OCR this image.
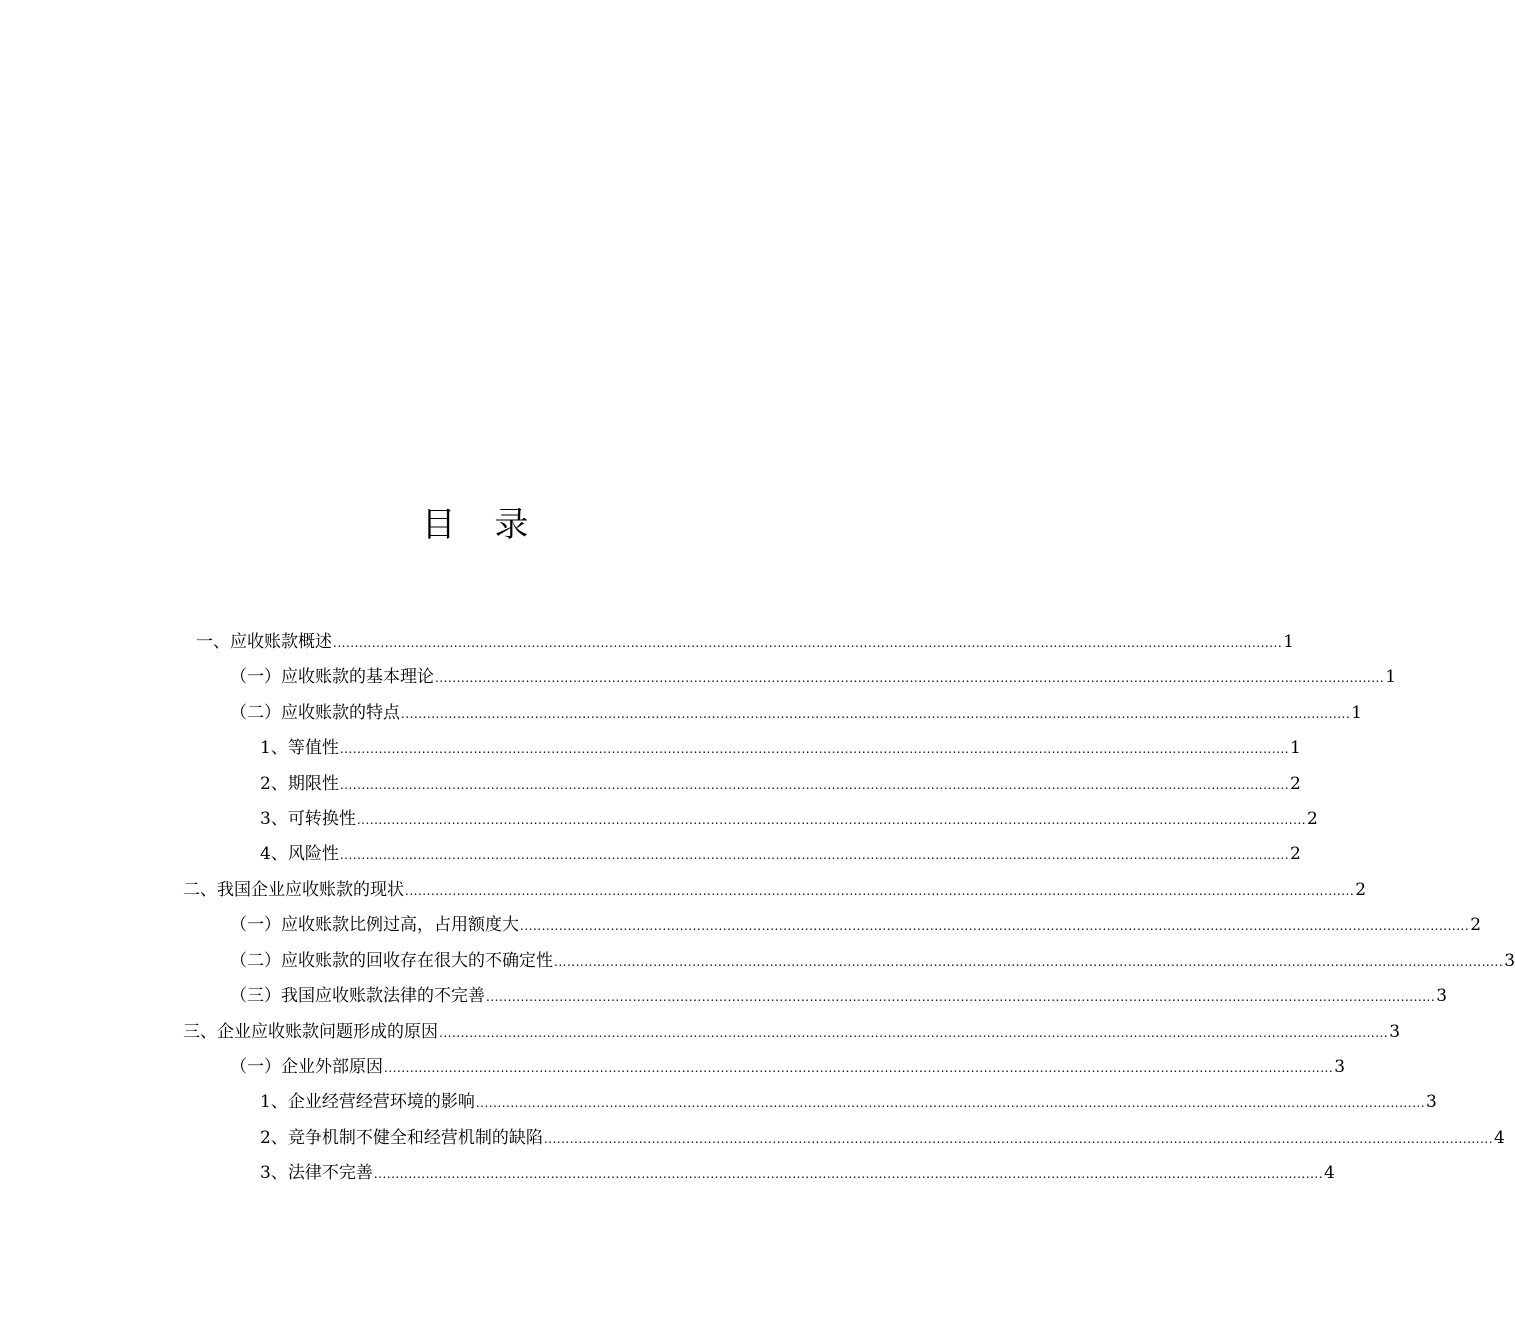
目 录
一、应收账款概述 ............................................................................................................................................................................................................................ 1
（一）应收账款的基本理论 ............................................................................................................................................................................................................................ 1
（二）应收账款的特点 ............................................................................................................................................................................................................................ 1
1、等值性 ............................................................................................................................................................................................................................ 1
2、期限性 ............................................................................................................................................................................................................................ 2
3、可转换性 ............................................................................................................................................................................................................................ 2
4、风险性 ............................................................................................................................................................................................................................ 2
二、我国企业应收账款的现状 ............................................................................................................................................................................................................................ 2
（一）应收账款比例过高，占用额度大 ............................................................................................................................................................................................................................ 2
（二）应收账款的回收存在很大的不确定性 ............................................................................................................................................................................................................................ 3
（三）我国应收账款法律的不完善 ............................................................................................................................................................................................................................ 3
三、企业应收账款问题形成的原因 ............................................................................................................................................................................................................................ 3
（一）企业外部原因 ............................................................................................................................................................................................................................ 3
1、企业经营经营环境的影响 ............................................................................................................................................................................................................................ 3
2、竞争机制不健全和经营机制的缺陷 ............................................................................................................................................................................................................................ 4
3、法律不完善 ............................................................................................................................................................................................................................ 4
